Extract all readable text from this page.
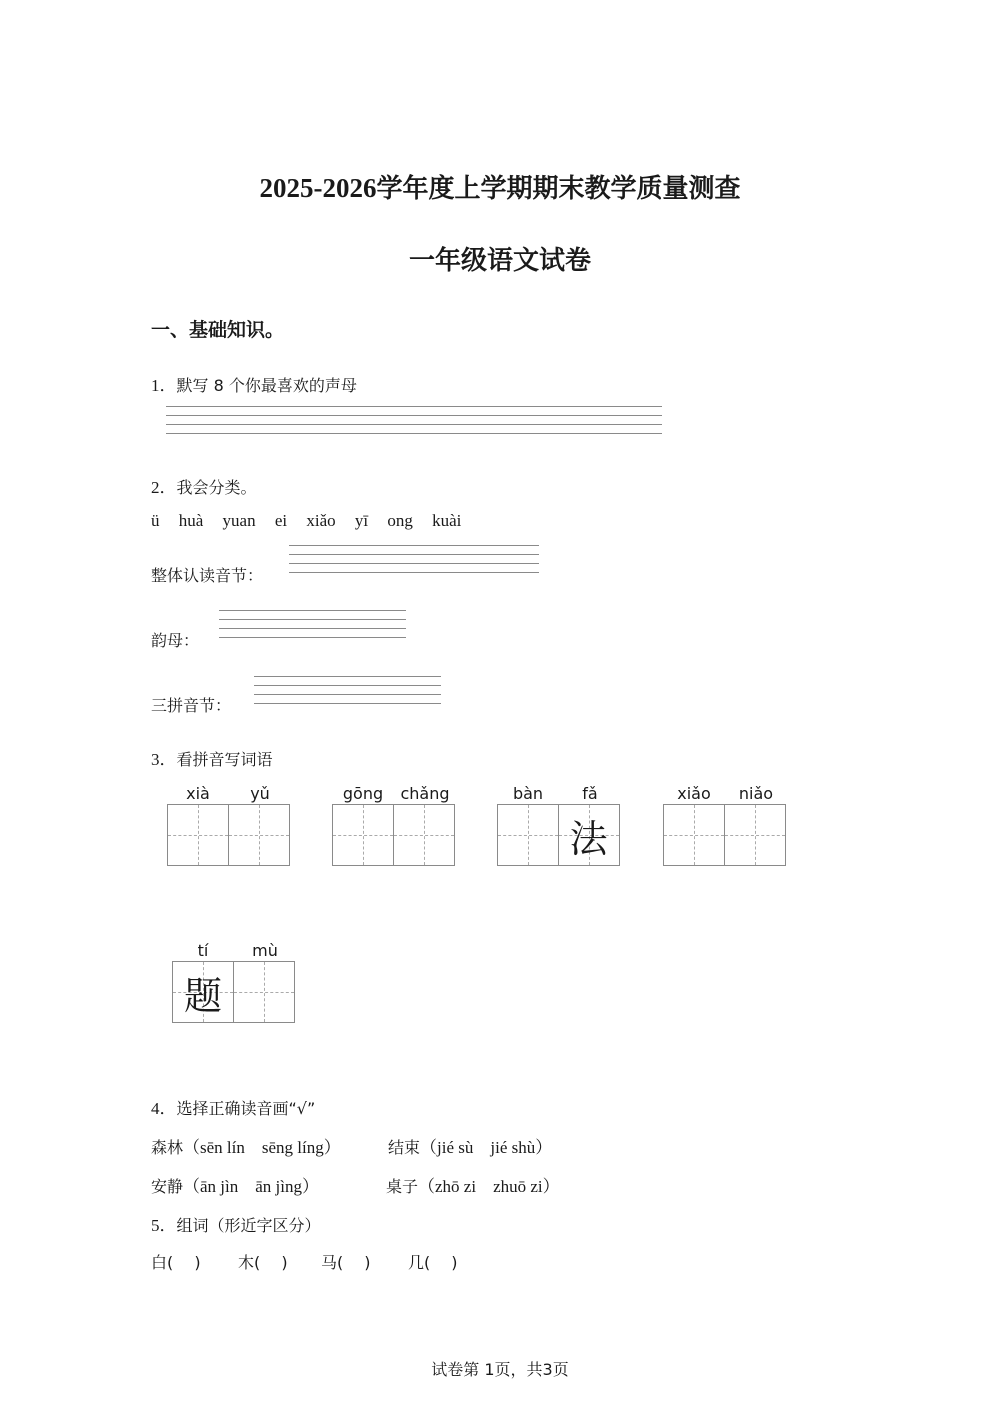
2025-2026学年度上学期期末教学质量测查
一年级语文试卷
一、基础知识。
1．默写 8 个你最喜欢的声母
2．我会分类。
ü huà yuan ei xiǎo yī ong kuài
整体认读音节：
韵母：
三拼音节：
3．看拼音写词语
xià	yǔ	gōng	chǎng	bàn	fǎ
法
xiǎo	niǎo
tí	mù
题
4．选择正确读音画“√”
森林（sēn lín　sēng líng）	结束（jié sù　jié shù）
安静（ān jìn　ān jìng）	桌子（zhō zi　zhuō zi）
5．组词（形近字区分）
白(　 ) 木(　 ) 马(　 ) 几(　 )
试卷第 1页，共3页
